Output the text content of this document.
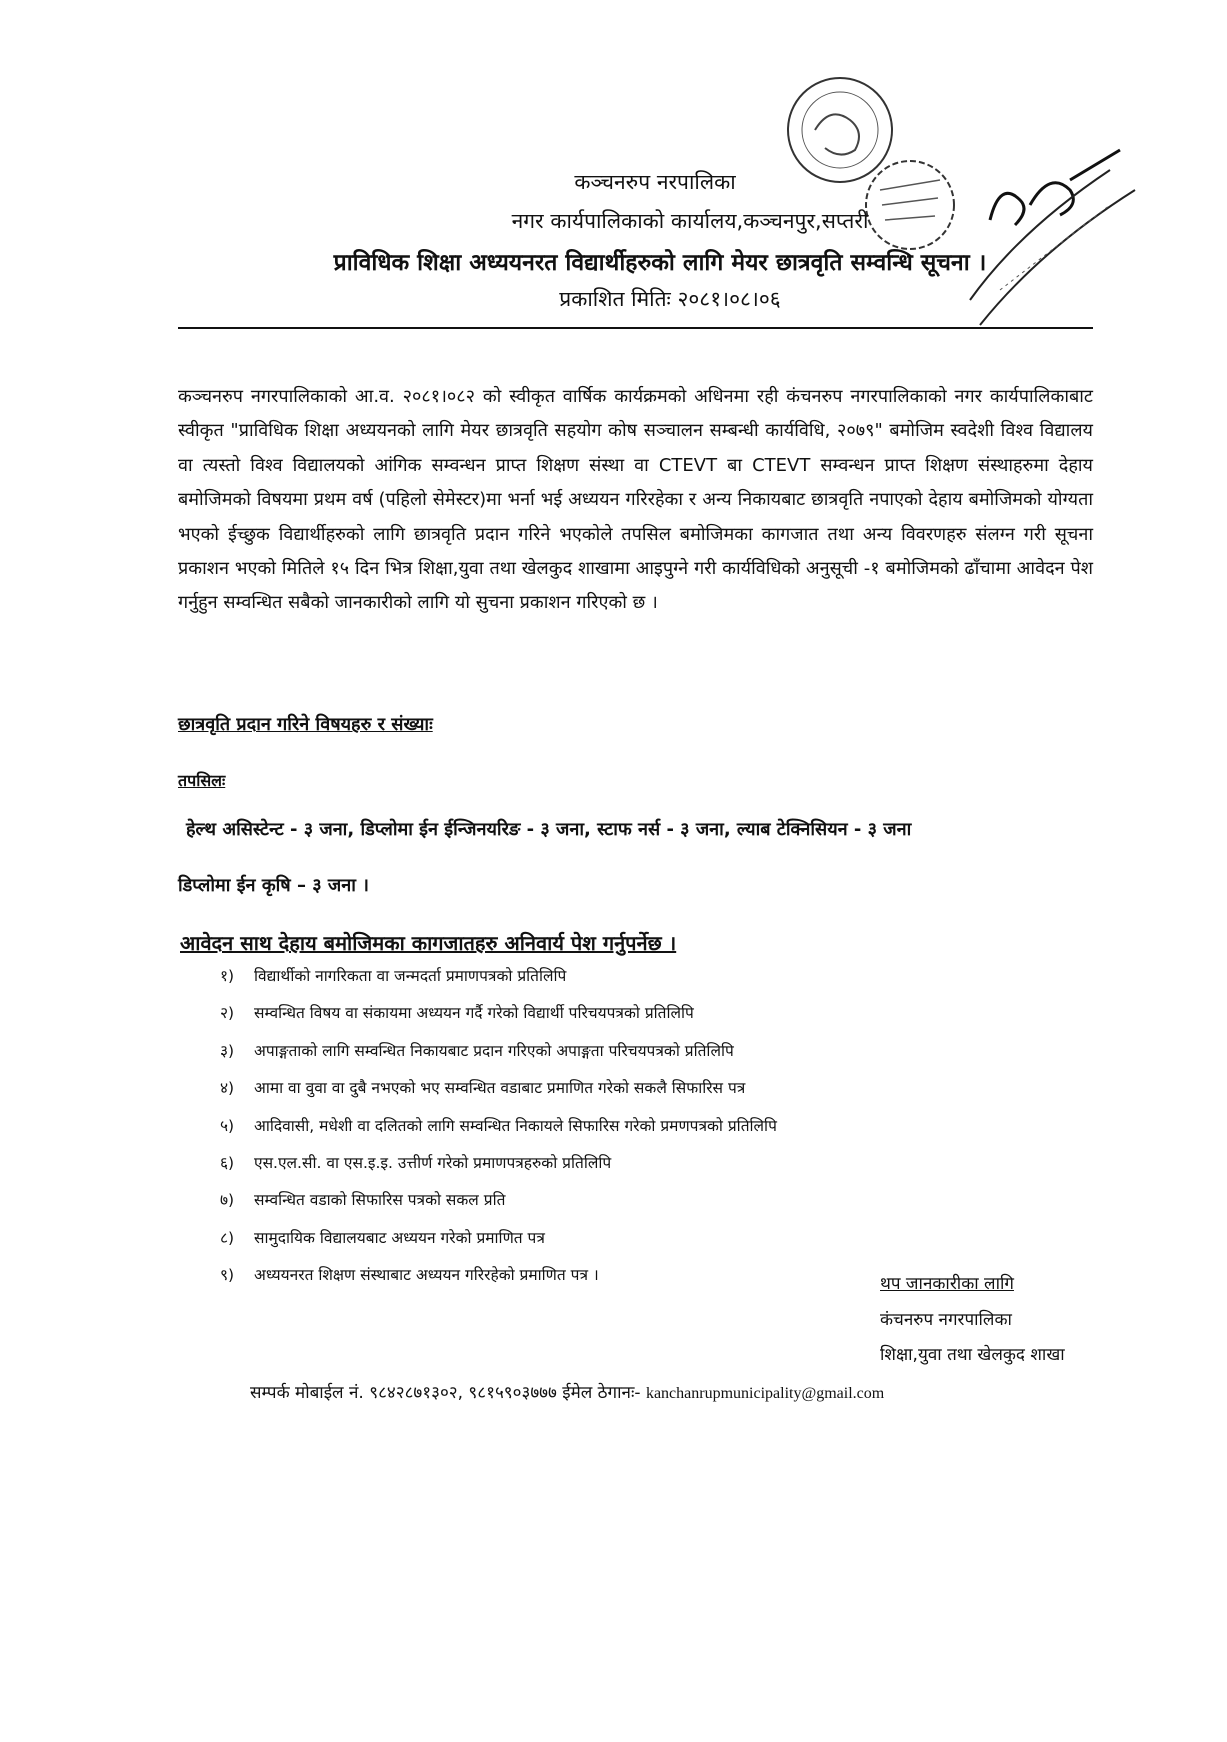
कञ्चनरुप नरपालिका
नगर कार्यपालिकाको कार्यालय,कञ्चनपुर,सप्तरी
प्राविधिक शिक्षा अध्ययनरत विद्यार्थीहरुको लागि मेयर छात्रवृति सम्वन्धि सूचना ।
प्रकाशित मितिः २०८१।०८।०६
कञ्चनरुप नगरपालिकाको आ.व. २०८१।०८२ को स्वीकृत वार्षिक कार्यक्रमको अधिनमा रही कंचनरुप नगरपालिकाको नगर कार्यपालिकाबाट स्वीकृत "प्राविधिक शिक्षा अध्ययनको लागि मेयर छात्रवृति सहयोग कोष सञ्चालन सम्बन्धी कार्यविधि, २०७९" बमोजिम स्वदेशी विश्व विद्यालय वा त्यस्तो विश्व विद्यालयको आंगिक सम्वन्धन प्राप्त शिक्षण संस्था वा CTEVT बा CTEVT सम्वन्धन प्राप्त शिक्षण संस्थाहरुमा देहाय बमोजिमको विषयमा प्रथम वर्ष (पहिलो सेमेस्टर)मा भर्ना भई अध्ययन गरिरहेका र अन्य निकायबाट छात्रवृति नपाएको देहाय बमोजिमको योग्यता भएको ईच्छुक विद्यार्थीहरुको लागि छात्रवृति प्रदान गरिने भएकोले तपसिल बमोजिमका कागजात तथा अन्य विवरणहरु संलग्न गरी सूचना प्रकाशन भएको मितिले १५ दिन भित्र शिक्षा,युवा तथा खेलकुद शाखामा आइपुग्ने गरी कार्यविधिको अनुसूची -१ बमोजिमको ढाँचामा आवेदन पेश गर्नुहुन सम्वन्धित सबैको जानकारीको लागि यो सुचना प्रकाशन गरिएको छ ।
छात्रवृति प्रदान गरिने विषयहरु र संख्याः
तपसिलः
हेल्थ असिस्टेन्ट - ३ जना, डिप्लोमा ईन ईन्जिनयरिङ - ३ जना, स्टाफ नर्स - ३ जना, ल्याब टेक्निसियन - ३ जना
डिप्लोमा ईन कृषि – ३ जना ।
आवेदन साथ देहाय बमोजिमका कागजातहरु अनिवार्य पेश गर्नुपर्नेछ ।
१)	विद्यार्थीको नागरिकता वा जन्मदर्ता प्रमाणपत्रको प्रतिलिपि
२)	सम्वन्धित विषय वा संकायमा अध्ययन गर्दै गरेको विद्यार्थी परिचयपत्रको प्रतिलिपि
३)	अपाङ्गताको लागि सम्वन्धित निकायबाट प्रदान गरिएको अपाङ्गता परिचयपत्रको प्रतिलिपि
४)	आमा वा वुवा वा दुबै नभएको भए सम्वन्धित वडाबाट प्रमाणित गरेको सकलै सिफारिस पत्र
५)	आदिवासी, मधेशी वा दलितको लागि सम्वन्धित निकायले सिफारिस गरेको प्रमणपत्रको प्रतिलिपि
६)	एस.एल.सी. वा एस.इ.इ. उत्तीर्ण गरेको प्रमाणपत्रहरुको प्रतिलिपि
७)	सम्वन्धित वडाको सिफारिस पत्रको सकल प्रति
८)	सामुदायिक विद्यालयबाट अध्ययन गरेको प्रमाणित पत्र
९)	अध्ययनरत शिक्षण संस्थाबाट अध्ययन गरिरहेको प्रमाणित पत्र ।	थप जानकारीका लागि
कंचनरुप नगरपालिका
शिक्षा,युवा तथा खेलकुद शाखा
सम्पर्क मोबाईल नं. ९८४२८७१३०२, ९८१५९०३७७७ ईमेल ठेगानः- kanchanrupmunicipality@gmail.com
